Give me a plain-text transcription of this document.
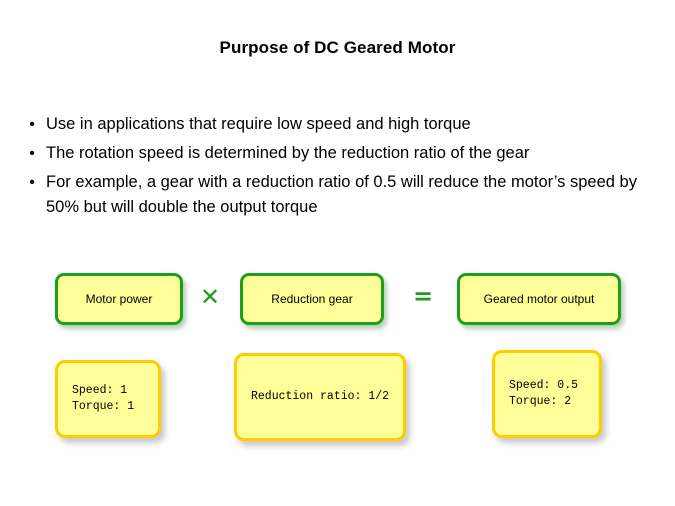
Purpose of DC Geared Motor
• Use in applications that require low speed and high torque
• The rotation speed is determined by the reduction ratio of the gear
• For example, a gear with a reduction ratio of 0.5 will reduce the motor’s speed by 50% but will double the output torque
Motor power ✕	Reduction gear	=	Geared motor output
Speed: 1
Torque: 1
Reduction ratio: 1/2
Speed: 0.5
Torque: 2
